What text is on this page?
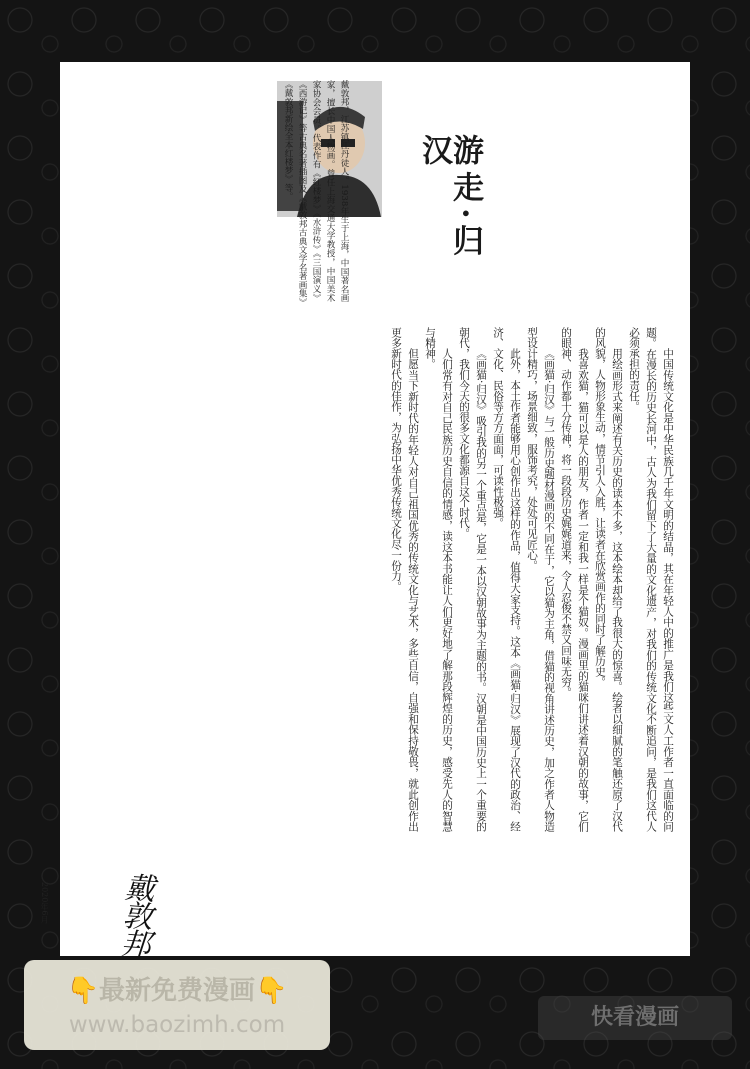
游走·归汉
戴敦邦，江苏镇江丹徒人。1938年生于上海，中国著名画家，擅长中国人物画。曾任上海交通大学教授，中国美术家协会会员。代表作有《红楼梦》《水浒传》《三国演义》《西游记》等古典名著插图及《戴敦邦古典文学名著画集》《戴敦邦新绘全本红楼梦》等。

中国传统文化是中华民族几千年文明的结晶，其在年轻人中的推广是我们这些文人工作者一直面临的问题。在漫长的历史长河中，古人为我们留下了大量的文化遗产，对我们的传统文化不断追问，是我们这代人必须承担的责任。

用绘画形式来阐述有关历史的读本不多，这本绘本却给了我很大的惊喜。绘者以细腻的笔触还原了汉代的风貌，人物形象生动，情节引人入胜，让读者在欣赏画作的同时了解历史。

我喜欢猫，猫可以是人的朋友，作者一定和我一样是个猫奴。漫画里的猫咪们讲述着汉朝的故事，它们的眼神、动作都十分传神，将一段段历史娓娓道来，令人忍俊不禁又回味无穷。

《画猫·归汉》与一般历史题材漫画的不同在于，它以猫为主角，借猫的视角讲述历史，加之作者人物造型设计精巧，场景细致，服饰考究，处处可见匠心。

此外，本土作者能够用心创作出这样的作品，值得大家支持。这本《画猫·归汉》展现了汉代的政治、经济、文化、民俗等方方面面，可读性极强。

《画猫·归汉》吸引我的另一个重点是，它是一本以汉朝故事为主题的书。汉朝是中国历史上一个重要的朝代，我们今天的很多文化都源自这个时代。

人们常有对自己民族历史自信的情感，读这本书能让人们更好地了解那段辉煌的历史，感受先人的智慧与精神。

但愿当下新时代的年轻人对自己祖国优秀的传统文化与艺术，多些自信，自强和保持敬畏，就此创作出更多新时代的佳作，为弘扬中华优秀传统文化尽一份力。

戴敦邦
2020年6月
👇最新免费漫画👇
www.baozimh.com	快看漫画
